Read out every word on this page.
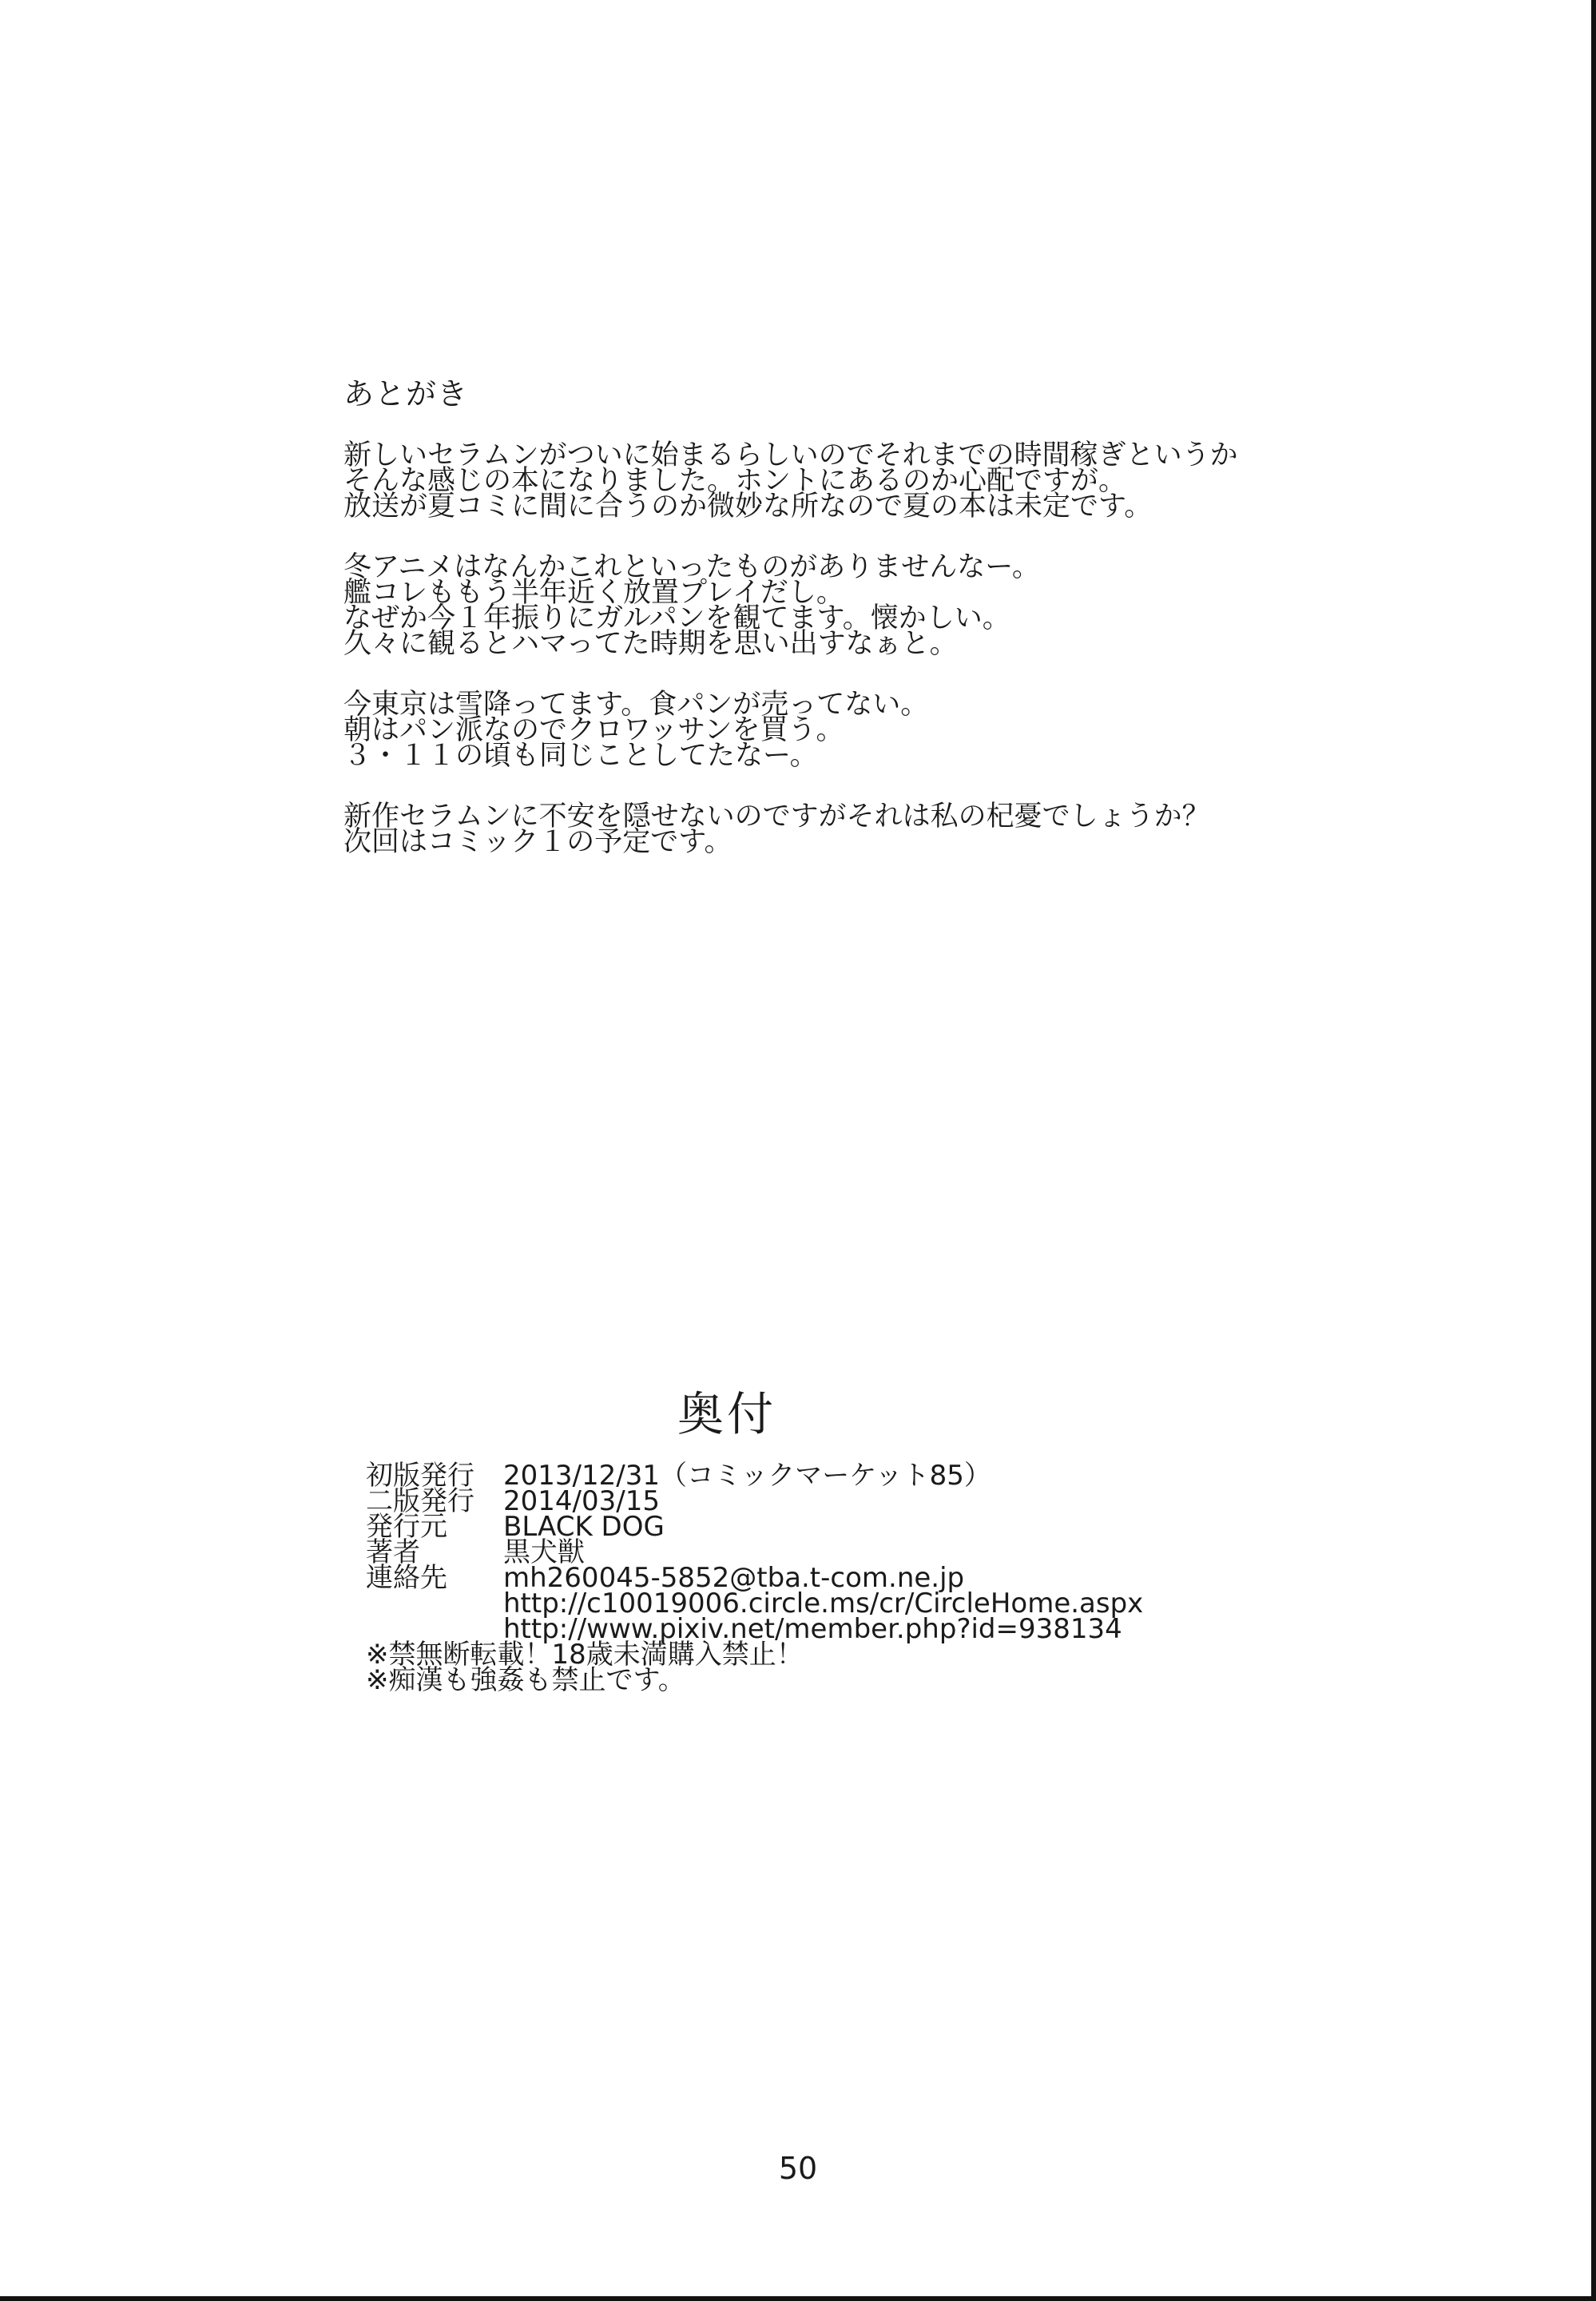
あとがき
新しいセラムンがついに始まるらしいのでそれまでの時間稼ぎというか
そんな感じの本になりました。ホントにあるのか心配ですが。
放送が夏コミに間に合うのか微妙な所なので夏の本は未定です。
冬アニメはなんかこれといったものがありませんなー。
艦コレももう半年近く放置プレイだし。
なぜか今１年振りにガルパンを観てます。懐かしい。
久々に観るとハマってた時期を思い出すなぁと。
今東京は雪降ってます。食パンが売ってない。
朝はパン派なのでクロワッサンを買う。
３・１１の頃も同じことしてたなー。
新作セラムンに不安を隠せないのですがそれは私の杞憂でしょうか？
次回はコミック１の予定です。
奥付
初版発行	2013/12/31（コミックマーケット85）
二版発行	2014/03/15
発行元	BLACK DOG
著者	黒犬獣
連絡先	mh260045-5852@tba.t-com.ne.jp
http://c10019006.circle.ms/cr/CircleHome.aspx
http://www.pixiv.net/member.php?id=938134
※禁無断転載！18歳未満購入禁止！
※痴漢も強姦も禁止です。
50
